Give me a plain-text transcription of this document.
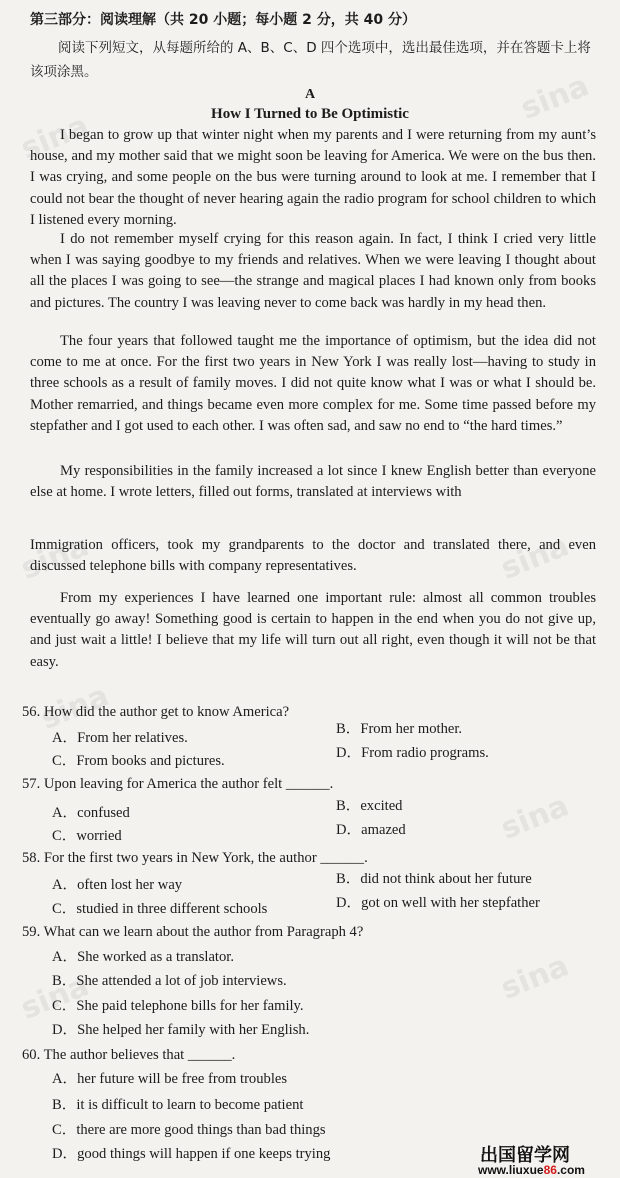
sina
sina
sina	sina
sina
sina
sina	sina
第三部分：阅读理解（共 20 小题；每小题 2 分，共 40 分）
阅读下列短文，从每题所给的 A、B、C、D 四个选项中，选出最佳选项，并在答题卡上将该项涂黑。
A
How I Turned to Be Optimistic

I began to grow up that winter night when my parents and I were returning from my aunt’s house, and my mother said that we might soon be leaving for America. We were on the bus then. I was crying, and some people on the bus were turning around to look at me. I remember that I could not bear the thought of never hearing again the radio program for school children to which I listened every morning.

I do not remember myself crying for this reason again. In fact, I think I cried very little when I was saying goodbye to my friends and relatives. When we were leaving I thought about all the places I was going to see—the strange and magical places I had known only from books and pictures. The country I was leaving never to come back was hardly in my head then.

The four years that followed taught me the importance of optimism, but the idea did not come to me at once. For the first two years in New York I was really lost—having to study in three schools as a result of family moves. I did not quite know what I was or what I should be. Mother remarried, and things became even more complex for me. Some time passed before my stepfather and I got used to each other. I was often sad, and saw no end to “the hard times.”

My responsibilities in the family increased a lot since I knew English better than everyone else at home. I wrote letters, filled out forms, translated at interviews with

Immigration officers, took my grandparents to the doctor and translated there, and even discussed telephone bills with company representatives.

From my experiences I have learned one important rule: almost all common troubles eventually go away! Something good is certain to happen in the end when you do not give up, and just wait a little! I believe that my life will turn out all right, even though it will not be that easy.

56. How did the author get to know America?
A．From her relatives.
B．From her mother.
C．From books and pictures.	D．From radio programs.
57. Upon leaving for America the author felt ______.
A．confused	B．excited
C．worried	D．amazed
58. For the first two years in New York, the author ______.
A．often lost her way	B．did not think about her future
C．studied in three different schools	D．got on well with her stepfather
59. What can we learn about the author from Paragraph 4?
A．She worked as a translator.
B．She attended a lot of job interviews.
C．She paid telephone bills for her family.
D．She helped her family with her English.
60. The author believes that ______.
A．her future will be free from troubles
B．it is difficult to learn to become patient
C．there are more good things than bad things
D．good things will happen if one keeps trying	出国留学网
www.liuxue86.com
